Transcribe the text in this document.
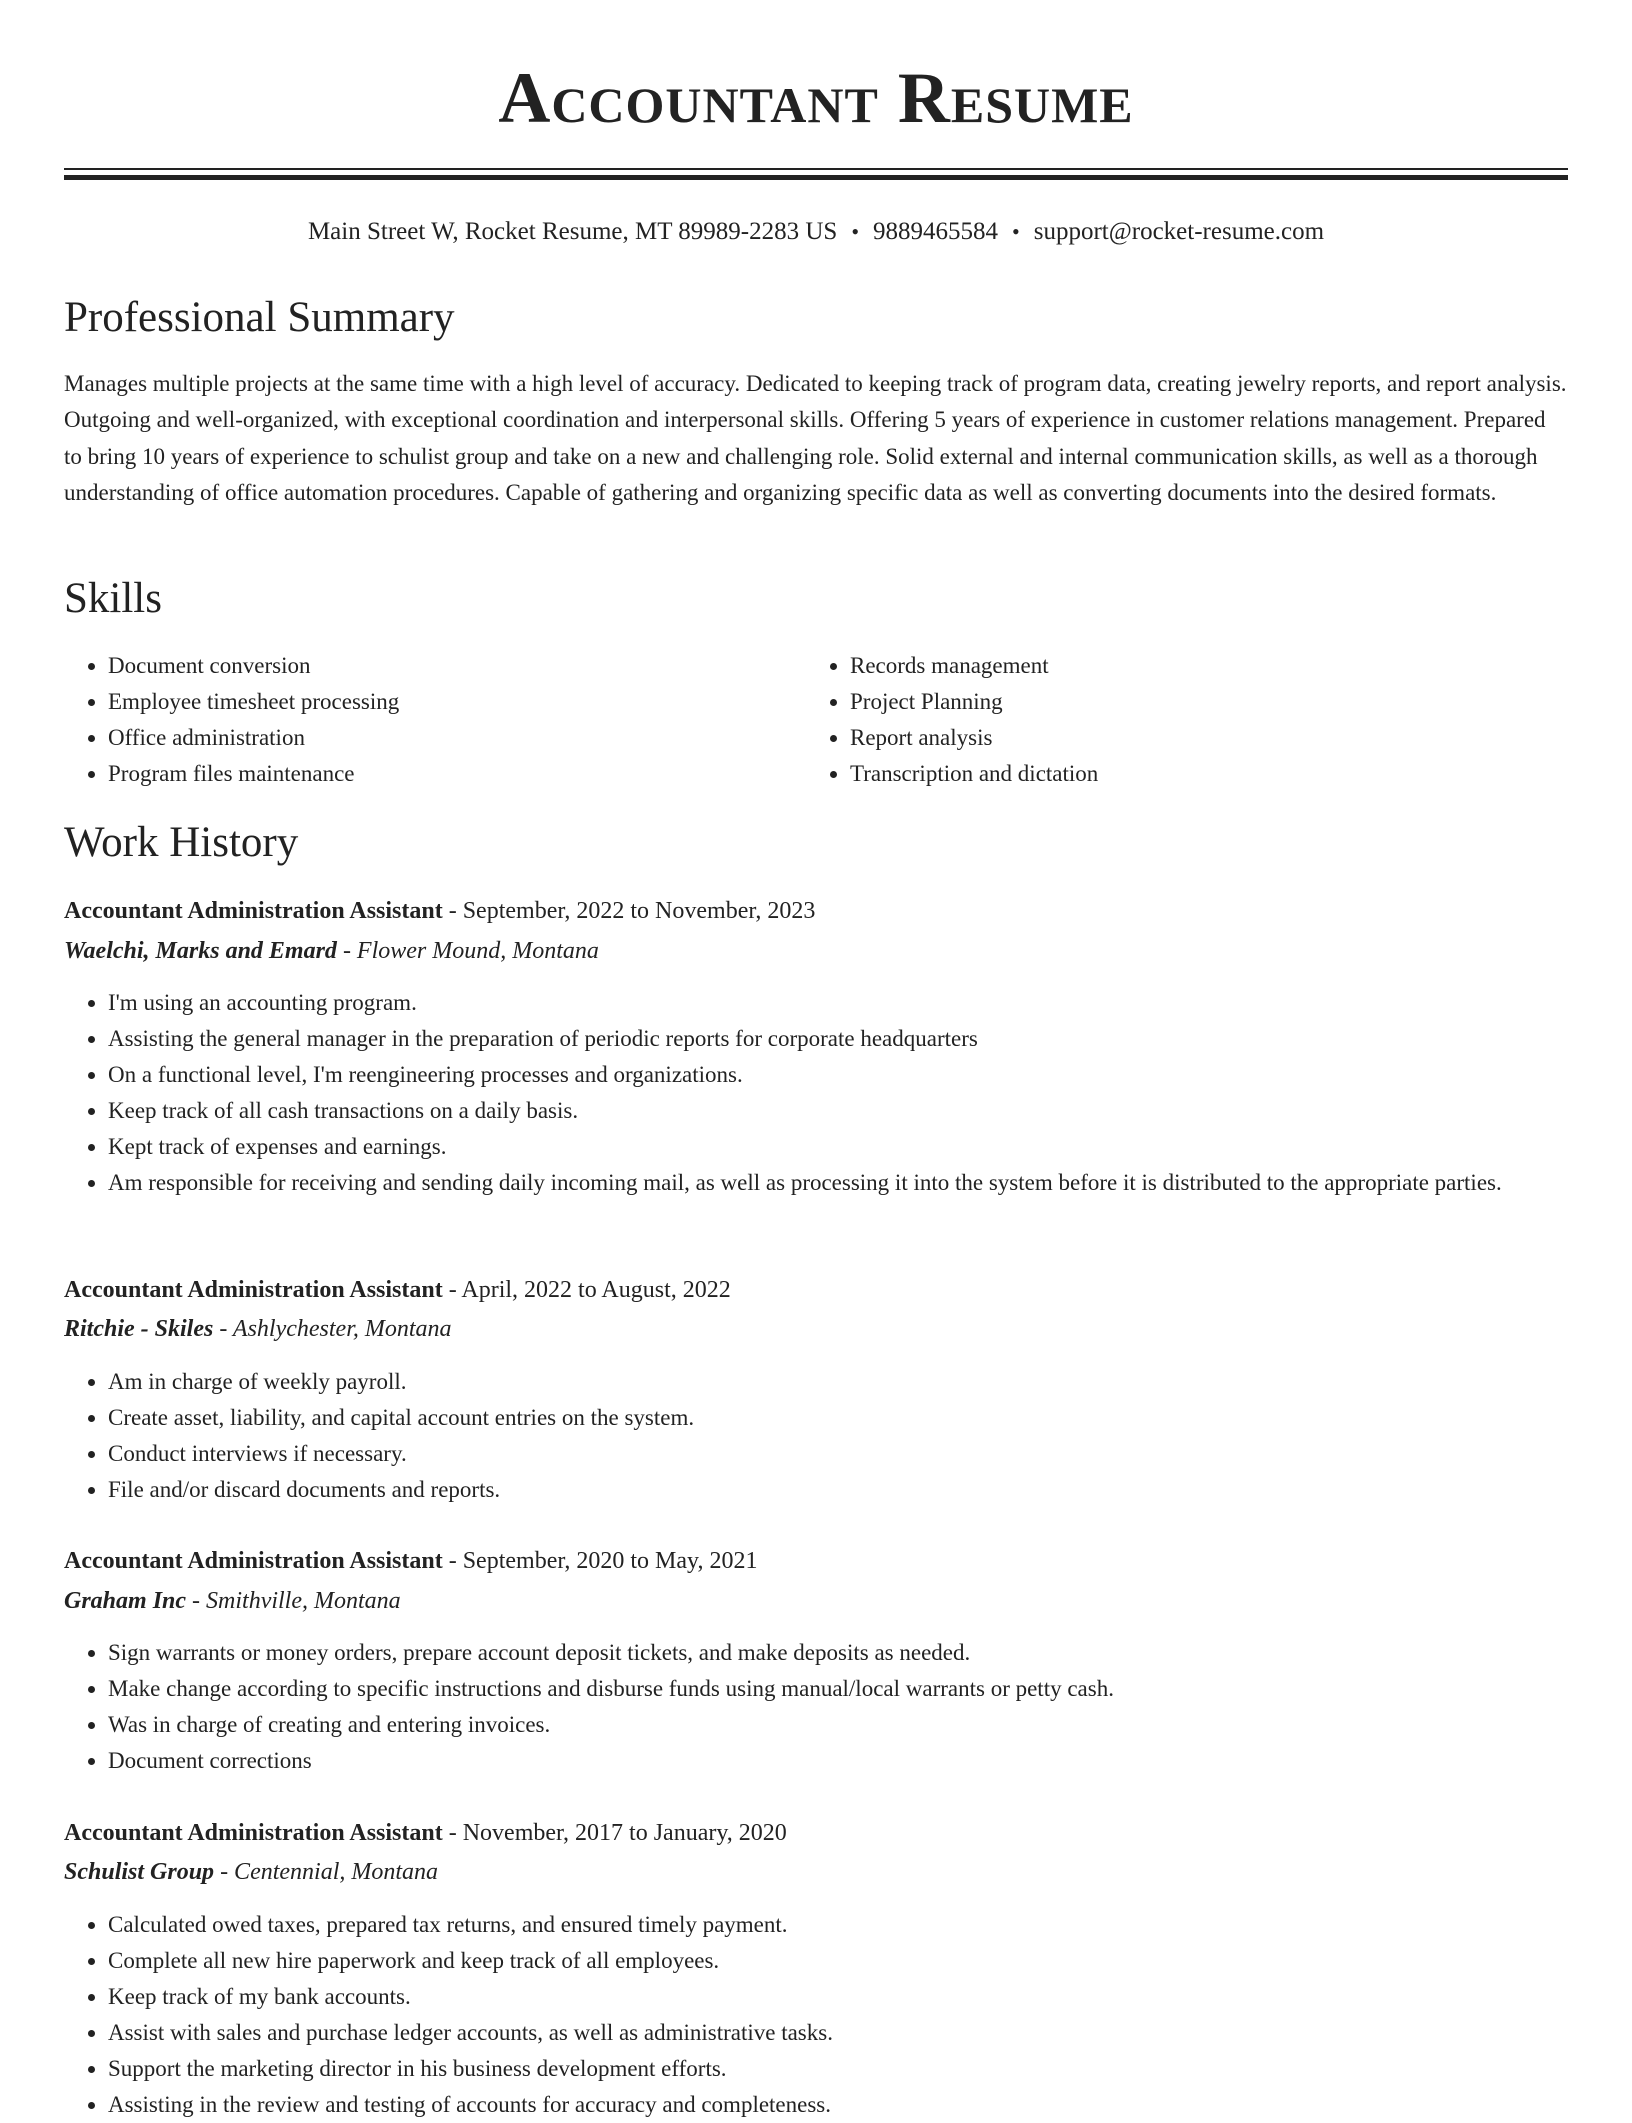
Accountant Resume
Main Street W, Rocket Resume, MT 89989-2283 US • 9889465584 • support@rocket-resume.com
Professional Summary

Manages multiple projects at the same time with a high level of accuracy. Dedicated to keeping track of program data, creating jewelry reports, and report analysis. Outgoing and well-organized, with exceptional coordination and interpersonal skills. Offering 5 years of experience in customer relations management. Prepared to bring 10 years of experience to schulist group and take on a new and challenging role. Solid external and internal communication skills, as well as a thorough understanding of office automation procedures. Capable of gathering and organizing specific data as well as converting documents into the desired formats.

Skills
• Document conversion
• Employee timesheet processing
• Office administration
• Program files maintenance
• Records management
• Project Planning
• Report analysis
• Transcription and dictation
Work History
Accountant Administration Assistant - September, 2022 to November, 2023
Waelchi, Marks and Emard - Flower Mound, Montana
• I'm using an accounting program.
• Assisting the general manager in the preparation of periodic reports for corporate headquarters
• On a functional level, I'm reengineering processes and organizations.
• Keep track of all cash transactions on a daily basis.
• Kept track of expenses and earnings.
• Am responsible for receiving and sending daily incoming mail, as well as processing it into the system before it is distributed to the appropriate parties.
Accountant Administration Assistant - April, 2022 to August, 2022
Ritchie - Skiles - Ashlychester, Montana
• Am in charge of weekly payroll.
• Create asset, liability, and capital account entries on the system.
• Conduct interviews if necessary.
• File and/or discard documents and reports.
Accountant Administration Assistant - September, 2020 to May, 2021
Graham Inc - Smithville, Montana
• Sign warrants or money orders, prepare account deposit tickets, and make deposits as needed.
• Make change according to specific instructions and disburse funds using manual/local warrants or petty cash.
• Was in charge of creating and entering invoices.
• Document corrections
Accountant Administration Assistant - November, 2017 to January, 2020
Schulist Group - Centennial, Montana
• Calculated owed taxes, prepared tax returns, and ensured timely payment.
• Complete all new hire paperwork and keep track of all employees.
• Keep track of my bank accounts.
• Assist with sales and purchase ledger accounts, as well as administrative tasks.
• Support the marketing director in his business development efforts.
• Assisting in the review and testing of accounts for accuracy and completeness.
